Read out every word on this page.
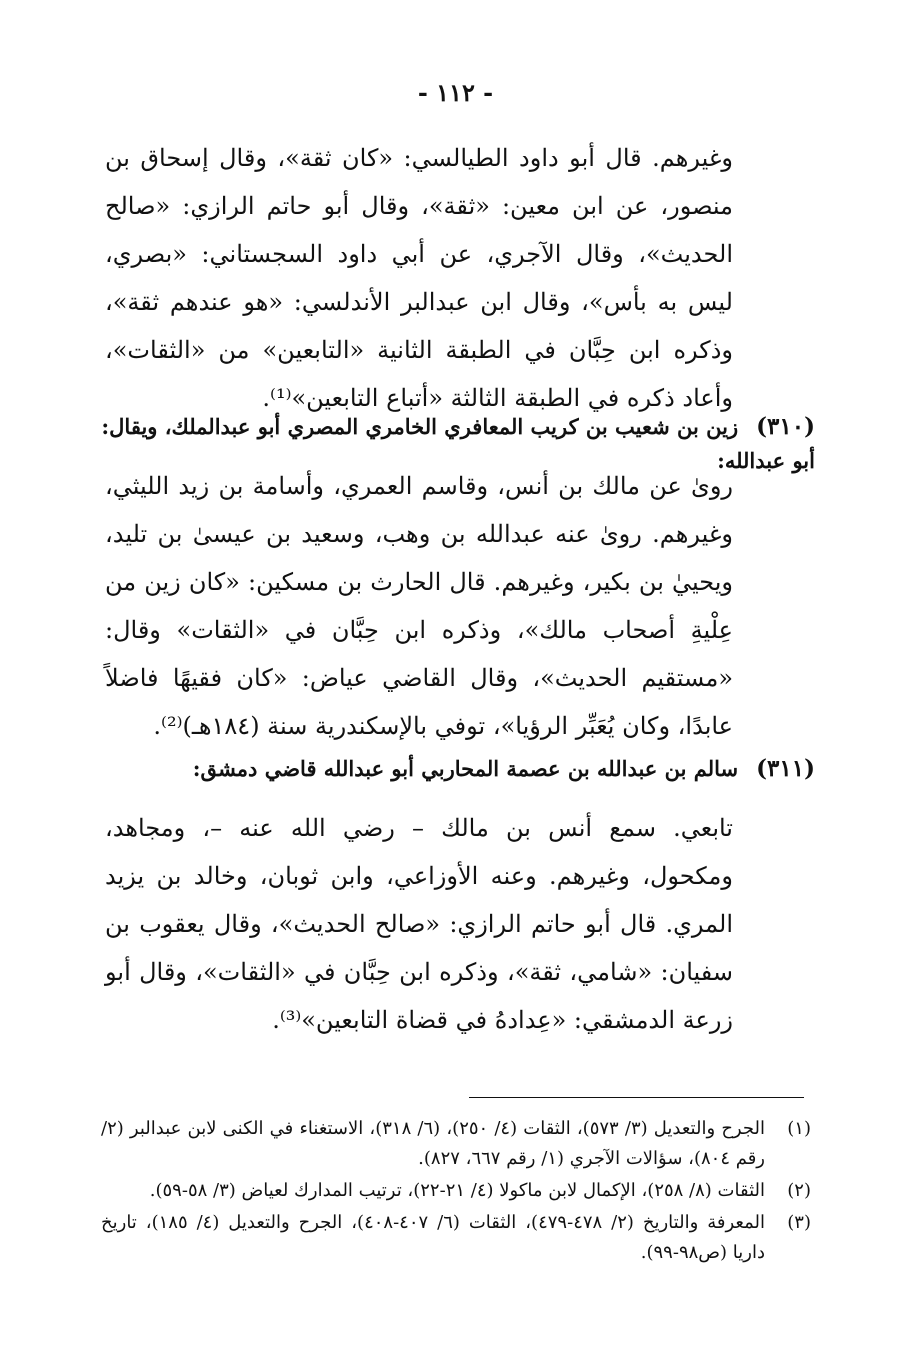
- ١١٢ -
وغيرهم. قال أبو داود الطيالسي: «كان ثقة»، وقال إسحاق بن منصور، عن ابن معين: «ثقة»، وقال أبو حاتم الرازي: «صالح الحديث»، وقال الآجري، عن أبي داود السجستاني: «بصري، ليس به بأس»، وقال ابن عبدالبر الأندلسي: «هو عندهم ثقة»، وذكره ابن حِبَّان في الطبقة الثانية «التابعين» من «الثقات»، وأعاد ذكره في الطبقة الثالثة «أتباع التابعين»⁽¹⁾.
(٣١٠)زين بن شعيب بن كريب المعافري الخامري المصري أبو عبدالملك، ويقال: أبو عبدالله:
روىٰ عن مالك بن أنس، وقاسم العمري، وأسامة بن زيد الليثي، وغيرهم. روىٰ عنه عبدالله بن وهب، وسعيد بن عيسىٰ بن تليد، ويحييٰ بن بكير، وغيرهم. قال الحارث بن مسكين: «كان زين من عِلْيةِ أصحاب مالك»، وذكره ابن حِبَّان في «الثقات» وقال: «مستقيم الحديث»، وقال القاضي عياض: «كان فقيهًا فاضلاً عابدًا، وكان يُعَبِّر الرؤيا»، توفي بالإسكندرية سنة (١٨٤هـ)⁽²⁾.
(٣١١)سالم بن عبدالله بن عصمة المحاربي أبو عبدالله قاضي دمشق:
تابعي. سمع أنس بن مالك – رضي الله عنه –، ومجاهد، ومكحول، وغيرهم. وعنه الأوزاعي، وابن ثوبان، وخالد بن يزيد المري. قال أبو حاتم الرازي: «صالح الحديث»، وقال يعقوب بن سفيان: «شامي، ثقة»، وذكره ابن حِبَّان في «الثقات»، وقال أبو زرعة الدمشقي: «عِدادهُ في قضاة التابعين»⁽³⁾.
(١)
الجرح والتعديل (٣/ ٥٧٣)، الثقات (٤/ ٢٥٠)، (٦/ ٣١٨)، الاستغناء في الكنى لابن عبدالبر (٢/ رقم ٨٠٤)، سؤالات الآجري (١/ رقم ٦٦٧، ٨٢٧).
(٢)
الثقات (٨/ ٢٥٨)، الإكمال لابن ماكولا (٤/ ٢١-٢٢)، ترتيب المدارك لعياض (٣/ ٥٨-٥٩).
(٣)
المعرفة والتاريخ (٢/ ٤٧٨-٤٧٩)، الثقات (٦/ ٤٠٧-٤٠٨)، الجرح والتعديل (٤/ ١٨٥)، تاريخ داريا (ص٩٨-٩٩).
